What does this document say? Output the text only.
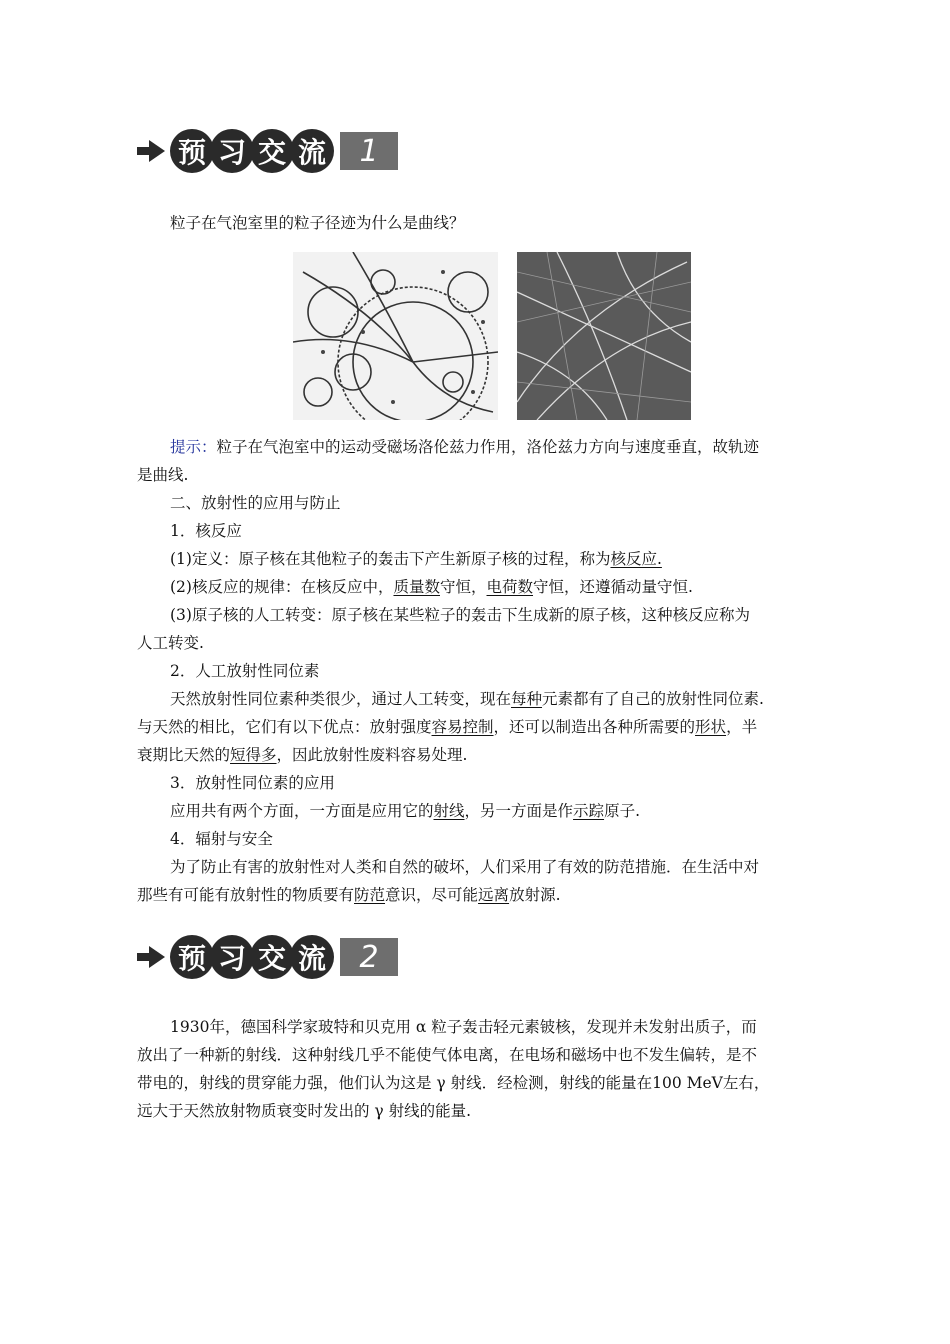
预 习 交 流	1
粒子在气泡室里的粒子径迹为什么是曲线？
提示：粒子在气泡室中的运动受磁场洛伦兹力作用，洛伦兹力方向与速度垂直，故轨迹
是曲线.
二、放射性的应用与防止
1．核反应
(1)定义：原子核在其他粒子的轰击下产生新原子核的过程，称为核反应.
(2)核反应的规律：在核反应中，质量数守恒，电荷数守恒，还遵循动量守恒.
(3)原子核的人工转变：原子核在某些粒子的轰击下生成新的原子核，这种核反应称为
人工转变.
2．人工放射性同位素
天然放射性同位素种类很少，通过人工转变，现在每种元素都有了自己的放射性同位素.
与天然的相比，它们有以下优点：放射强度容易控制，还可以制造出各种所需要的形状，半
衰期比天然的短得多，因此放射性废料容易处理.
3．放射性同位素的应用
应用共有两个方面，一方面是应用它的射线，另一方面是作示踪原子.
4．辐射与安全
为了防止有害的放射性对人类和自然的破坏，人们采用了有效的防范措施．在生活中对
那些有可能有放射性的物质要有防范意识，尽可能远离放射源.
预 习 交 流	2
1930年，德国科学家玻特和贝克用 α 粒子轰击轻元素铍核，发现并未发射出质子，而
放出了一种新的射线．这种射线几乎不能使气体电离，在电场和磁场中也不发生偏转，是不
带电的，射线的贯穿能力强，他们认为这是 γ 射线．经检测，射线的能量在100 MeV左右，
远大于天然放射物质衰变时发出的 γ 射线的能量.
